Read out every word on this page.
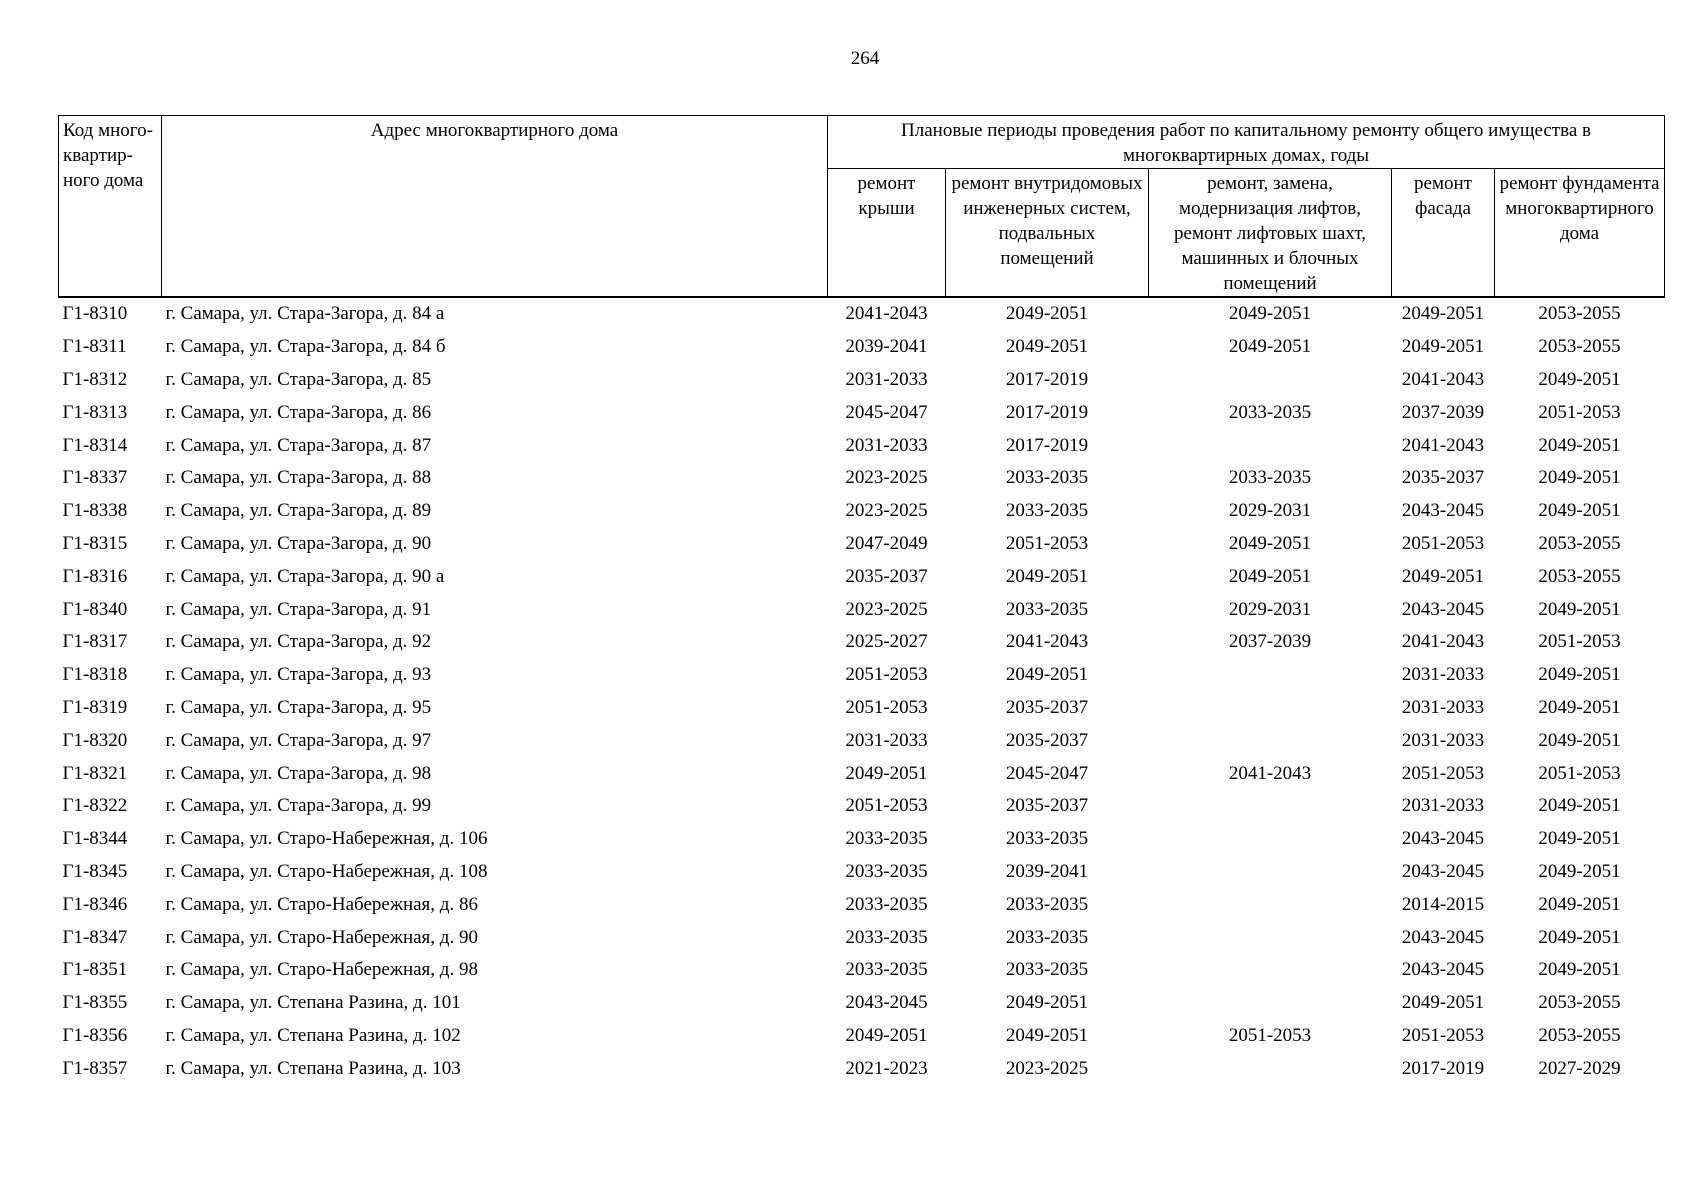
264
Код много-квартир-ного дома	Адрес многоквартирного дома	Плановые периоды проведения работ по капитальному ремонту общего имущества в многоквартирных домах, годы				
		ремонт крыши	ремонт внутридомовых инженерных систем, подвальных помещений	ремонт, замена, модернизация лифтов, ремонт лифтовых шахт, машинных и блочных помещений	ремонт фасада	ремонт фундамента многоквартирного дома
Г1-8310	г. Самара, ул. Стара-Загора, д. 84 а	2041-2043	2049-2051	2049-2051	2049-2051	2053-2055
Г1-8311	г. Самара, ул. Стара-Загора, д. 84 б	2039-2041	2049-2051	2049-2051	2049-2051	2053-2055
Г1-8312	г. Самара, ул. Стара-Загора, д. 85	2031-2033	2017-2019		2041-2043	2049-2051
Г1-8313	г. Самара, ул. Стара-Загора, д. 86	2045-2047	2017-2019	2033-2035	2037-2039	2051-2053
Г1-8314	г. Самара, ул. Стара-Загора, д. 87	2031-2033	2017-2019		2041-2043	2049-2051
Г1-8337	г. Самара, ул. Стара-Загора, д. 88	2023-2025	2033-2035	2033-2035	2035-2037	2049-2051
Г1-8338	г. Самара, ул. Стара-Загора, д. 89	2023-2025	2033-2035	2029-2031	2043-2045	2049-2051
Г1-8315	г. Самара, ул. Стара-Загора, д. 90	2047-2049	2051-2053	2049-2051	2051-2053	2053-2055
Г1-8316	г. Самара, ул. Стара-Загора, д. 90 а	2035-2037	2049-2051	2049-2051	2049-2051	2053-2055
Г1-8340	г. Самара, ул. Стара-Загора, д. 91	2023-2025	2033-2035	2029-2031	2043-2045	2049-2051
Г1-8317	г. Самара, ул. Стара-Загора, д. 92	2025-2027	2041-2043	2037-2039	2041-2043	2051-2053
Г1-8318	г. Самара, ул. Стара-Загора, д. 93	2051-2053	2049-2051		2031-2033	2049-2051
Г1-8319	г. Самара, ул. Стара-Загора, д. 95	2051-2053	2035-2037		2031-2033	2049-2051
Г1-8320	г. Самара, ул. Стара-Загора, д. 97	2031-2033	2035-2037		2031-2033	2049-2051
Г1-8321	г. Самара, ул. Стара-Загора, д. 98	2049-2051	2045-2047	2041-2043	2051-2053	2051-2053
Г1-8322	г. Самара, ул. Стара-Загора, д. 99	2051-2053	2035-2037		2031-2033	2049-2051
Г1-8344	г. Самара, ул. Старо-Набережная, д. 106	2033-2035	2033-2035		2043-2045	2049-2051
Г1-8345	г. Самара, ул. Старо-Набережная, д. 108	2033-2035	2039-2041		2043-2045	2049-2051
Г1-8346	г. Самара, ул. Старо-Набережная, д. 86	2033-2035	2033-2035		2014-2015	2049-2051
Г1-8347	г. Самара, ул. Старо-Набережная, д. 90	2033-2035	2033-2035		2043-2045	2049-2051
Г1-8351	г. Самара, ул. Старо-Набережная, д. 98	2033-2035	2033-2035		2043-2045	2049-2051
Г1-8355	г. Самара, ул. Степана Разина, д. 101	2043-2045	2049-2051		2049-2051	2053-2055
Г1-8356	г. Самара, ул. Степана Разина, д. 102	2049-2051	2049-2051	2051-2053	2051-2053	2053-2055
Г1-8357	г. Самара, ул. Степана Разина, д. 103	2021-2023	2023-2025		2017-2019	2027-2029
